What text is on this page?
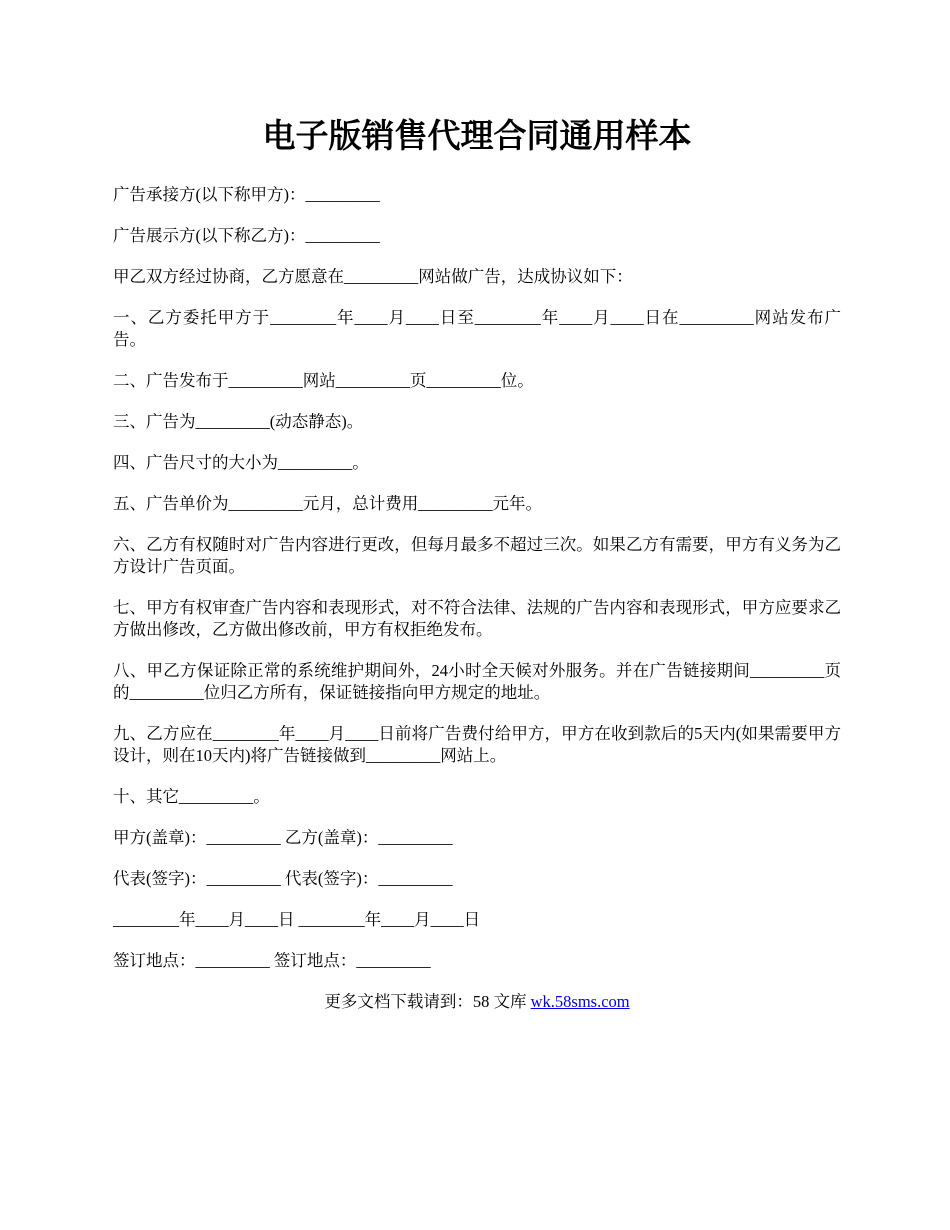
电子版销售代理合同通用样本
广告承接方(以下称甲方)：_________
广告展示方(以下称乙方)：_________
甲乙双方经过协商，乙方愿意在_________网站做广告，达成协议如下：
一、乙方委托甲方于________年____月____日至________年____月____日在_________网站发布广告。
二、广告发布于_________网站_________页_________位。
三、广告为_________(动态静态)。
四、广告尺寸的大小为_________。
五、广告单价为_________元月，总计费用_________元年。
六、乙方有权随时对广告内容进行更改，但每月最多不超过三次。如果乙方有需要，甲方有义务为乙方设计广告页面。
七、甲方有权审查广告内容和表现形式，对不符合法律、法规的广告内容和表现形式，甲方应要求乙方做出修改，乙方做出修改前，甲方有权拒绝发布。
八、甲乙方保证除正常的系统维护期间外，24小时全天候对外服务。并在广告链接期间_________页的_________位归乙方所有，保证链接指向甲方规定的地址。
九、乙方应在________年____月____日前将广告费付给甲方，甲方在收到款后的5天内(如果需要甲方设计，则在10天内)将广告链接做到_________网站上。
十、其它_________。
甲方(盖章)：_________ 乙方(盖章)：_________
代表(签字)：_________ 代表(签字)：_________
________年____月____日 ________年____月____日
签订地点：_________ 签订地点：_________
更多文档下载请到：58 文库 wk.58sms.com
